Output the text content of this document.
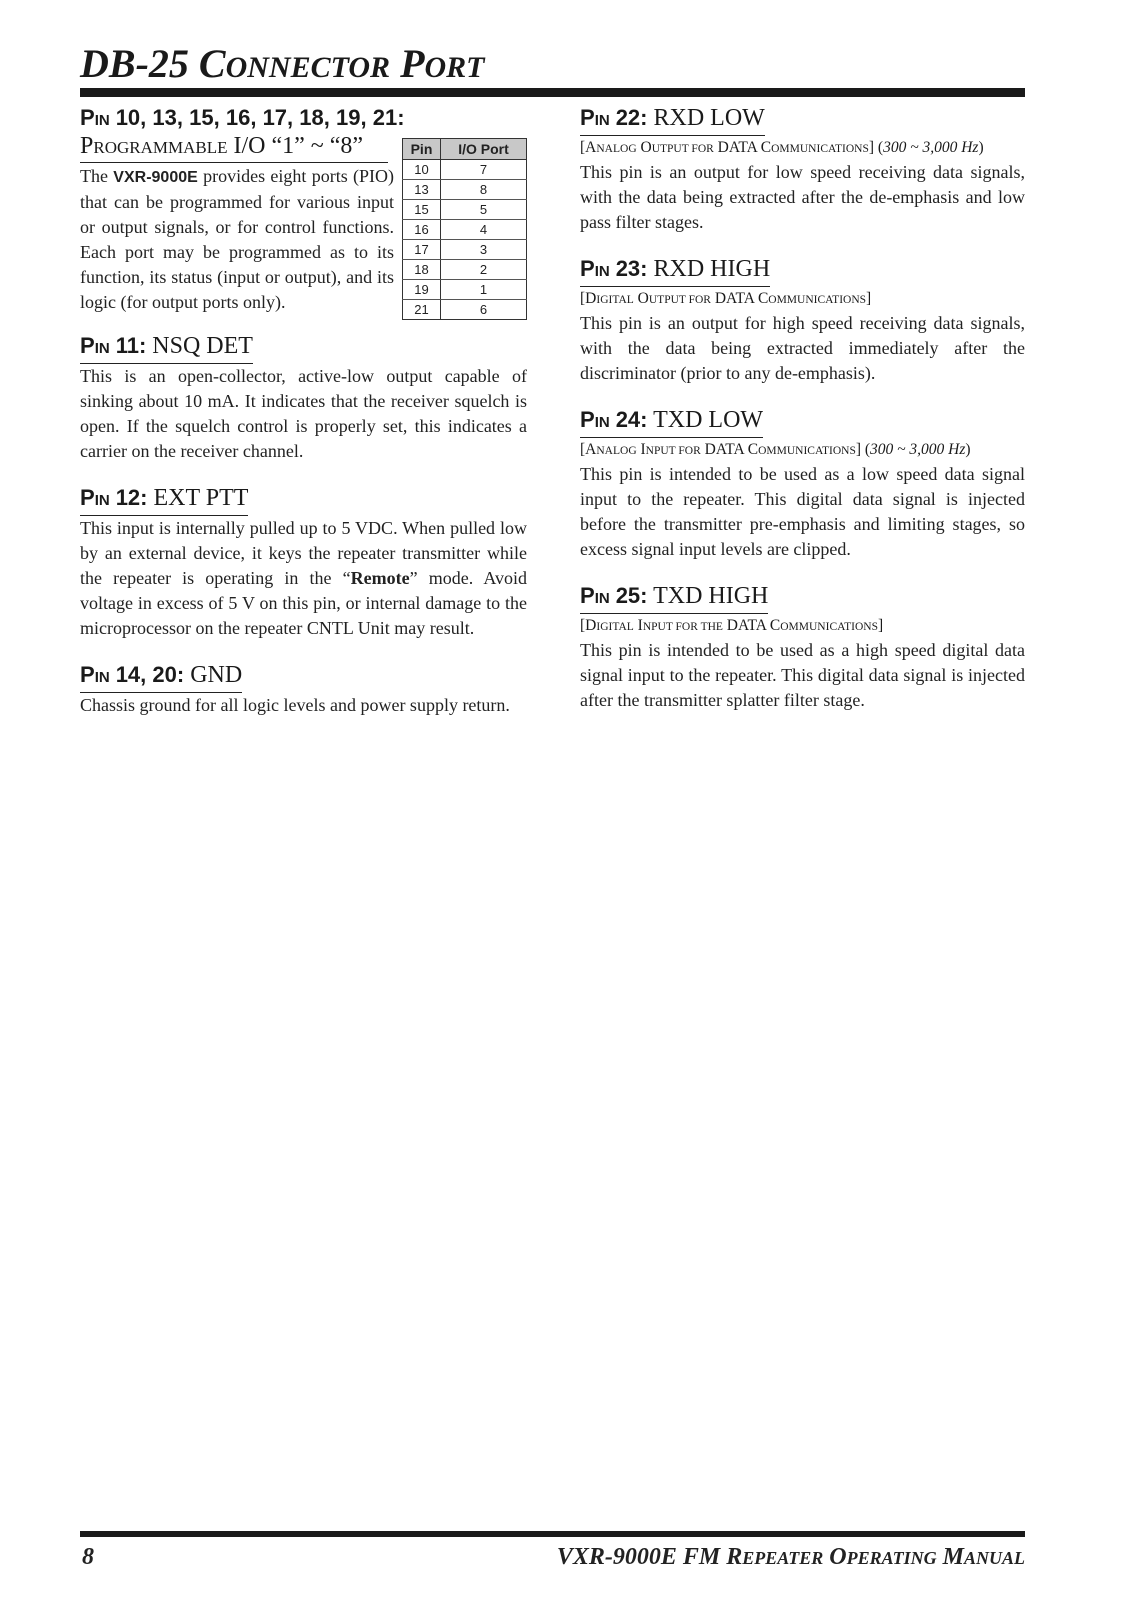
DB-25 CONNECTOR PORT
PIN 10, 13, 15, 16, 17, 18, 19, 21:
PROGRAMMABLE I/O “1” ~ “8”

The VXR-9000E provides eight ports (PIO) that can be programmed for various input or output signals, or for control functions. Each port may be programmed as to its function, its status (input or output), and its logic (for output ports only).

Pin	I/O Port
10	7
13	8
15	5
16	4
17	3
18	2
19	1
21	6
PIN 11: NSQ DET

This is an open-collector, active-low output capable of sinking about 10 mA. It indicates that the receiver squelch is open. If the squelch control is properly set, this indicates a carrier on the receiver channel.

PIN 12: EXT PTT

This input is internally pulled up to 5 VDC. When pulled low by an external device, it keys the repeater transmitter while the repeater is operating in the “Remote” mode. Avoid voltage in excess of 5 V on this pin, or internal damage to the microprocessor on the repeater CNTL Unit may result.

PIN 14, 20: GND

Chassis ground for all logic levels and power supply return.

PIN 22: RXD LOW
[ANALOG OUTPUT FOR DATA COMMUNICATIONS] (300 ~ 3,000 Hz)

This pin is an output for low speed receiving data signals, with the data being extracted after the de-emphasis and low pass filter stages.

PIN 23: RXD HIGH
[DIGITAL OUTPUT FOR DATA COMMUNICATIONS]

This pin is an output for high speed receiving data signals, with the data being extracted immediately after the discriminator (prior to any de-emphasis).

PIN 24: TXD LOW
[ANALOG INPUT FOR DATA COMMUNICATIONS] (300 ~ 3,000 Hz)

This pin is intended to be used as a low speed data signal input to the repeater. This digital data signal is injected before the transmitter pre-emphasis and limiting stages, so excess signal input levels are clipped.

PIN 25: TXD HIGH
[DIGITAL INPUT FOR THE DATA COMMUNICATIONS]

This pin is intended to be used as a high speed digital data signal input to the repeater. This digital data signal is injected after the transmitter splatter filter stage.

8	VXR-9000E FM REPEATER OPERATING MANUAL
